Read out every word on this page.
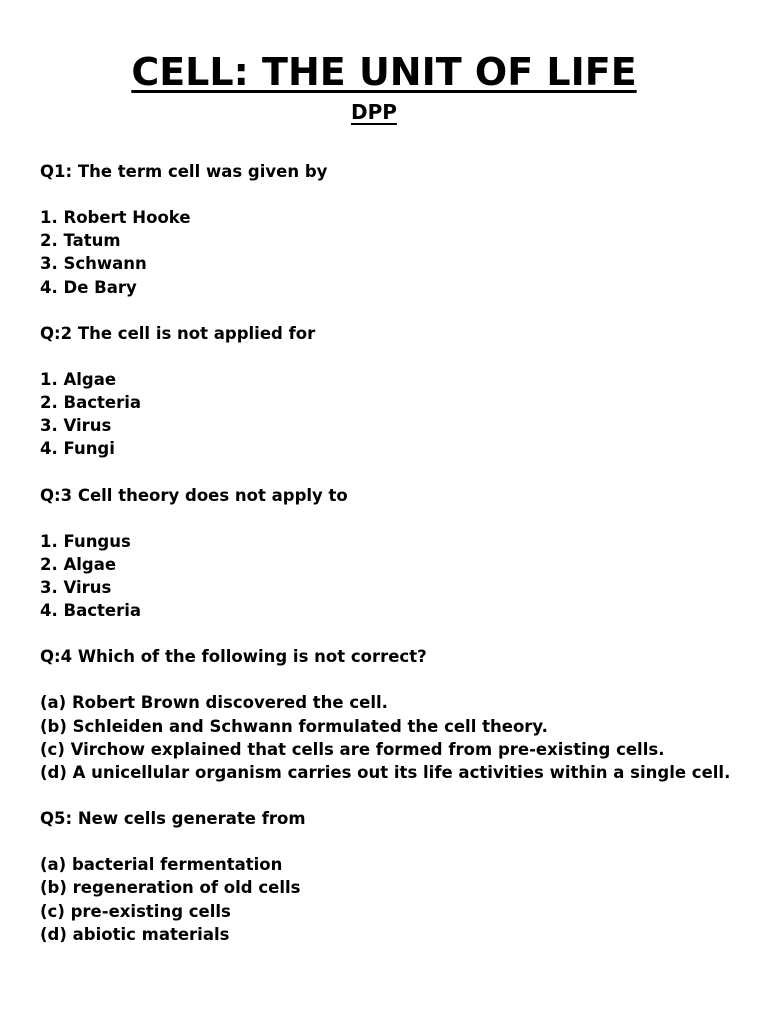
CELL: THE UNIT OF LIFE
DPP

Q1: The term cell was given by

1. Robert Hooke
2. Tatum
3. Schwann
4. De Bary

Q:2 The cell is not applied for

1. Algae
2. Bacteria
3. Virus
4. Fungi

Q:3 Cell theory does not apply to

1. Fungus
2. Algae
3. Virus
4. Bacteria

Q:4 Which of the following is not correct?

(a) Robert Brown discovered the cell.
(b) Schleiden and Schwann formulated the cell theory.
(c) Virchow explained that cells are formed from pre-existing cells.
(d) A unicellular organism carries out its life activities within a single cell.

Q5: New cells generate from

(a) bacterial fermentation
(b) regeneration of old cells
(c) pre-existing cells
(d) abiotic materials
